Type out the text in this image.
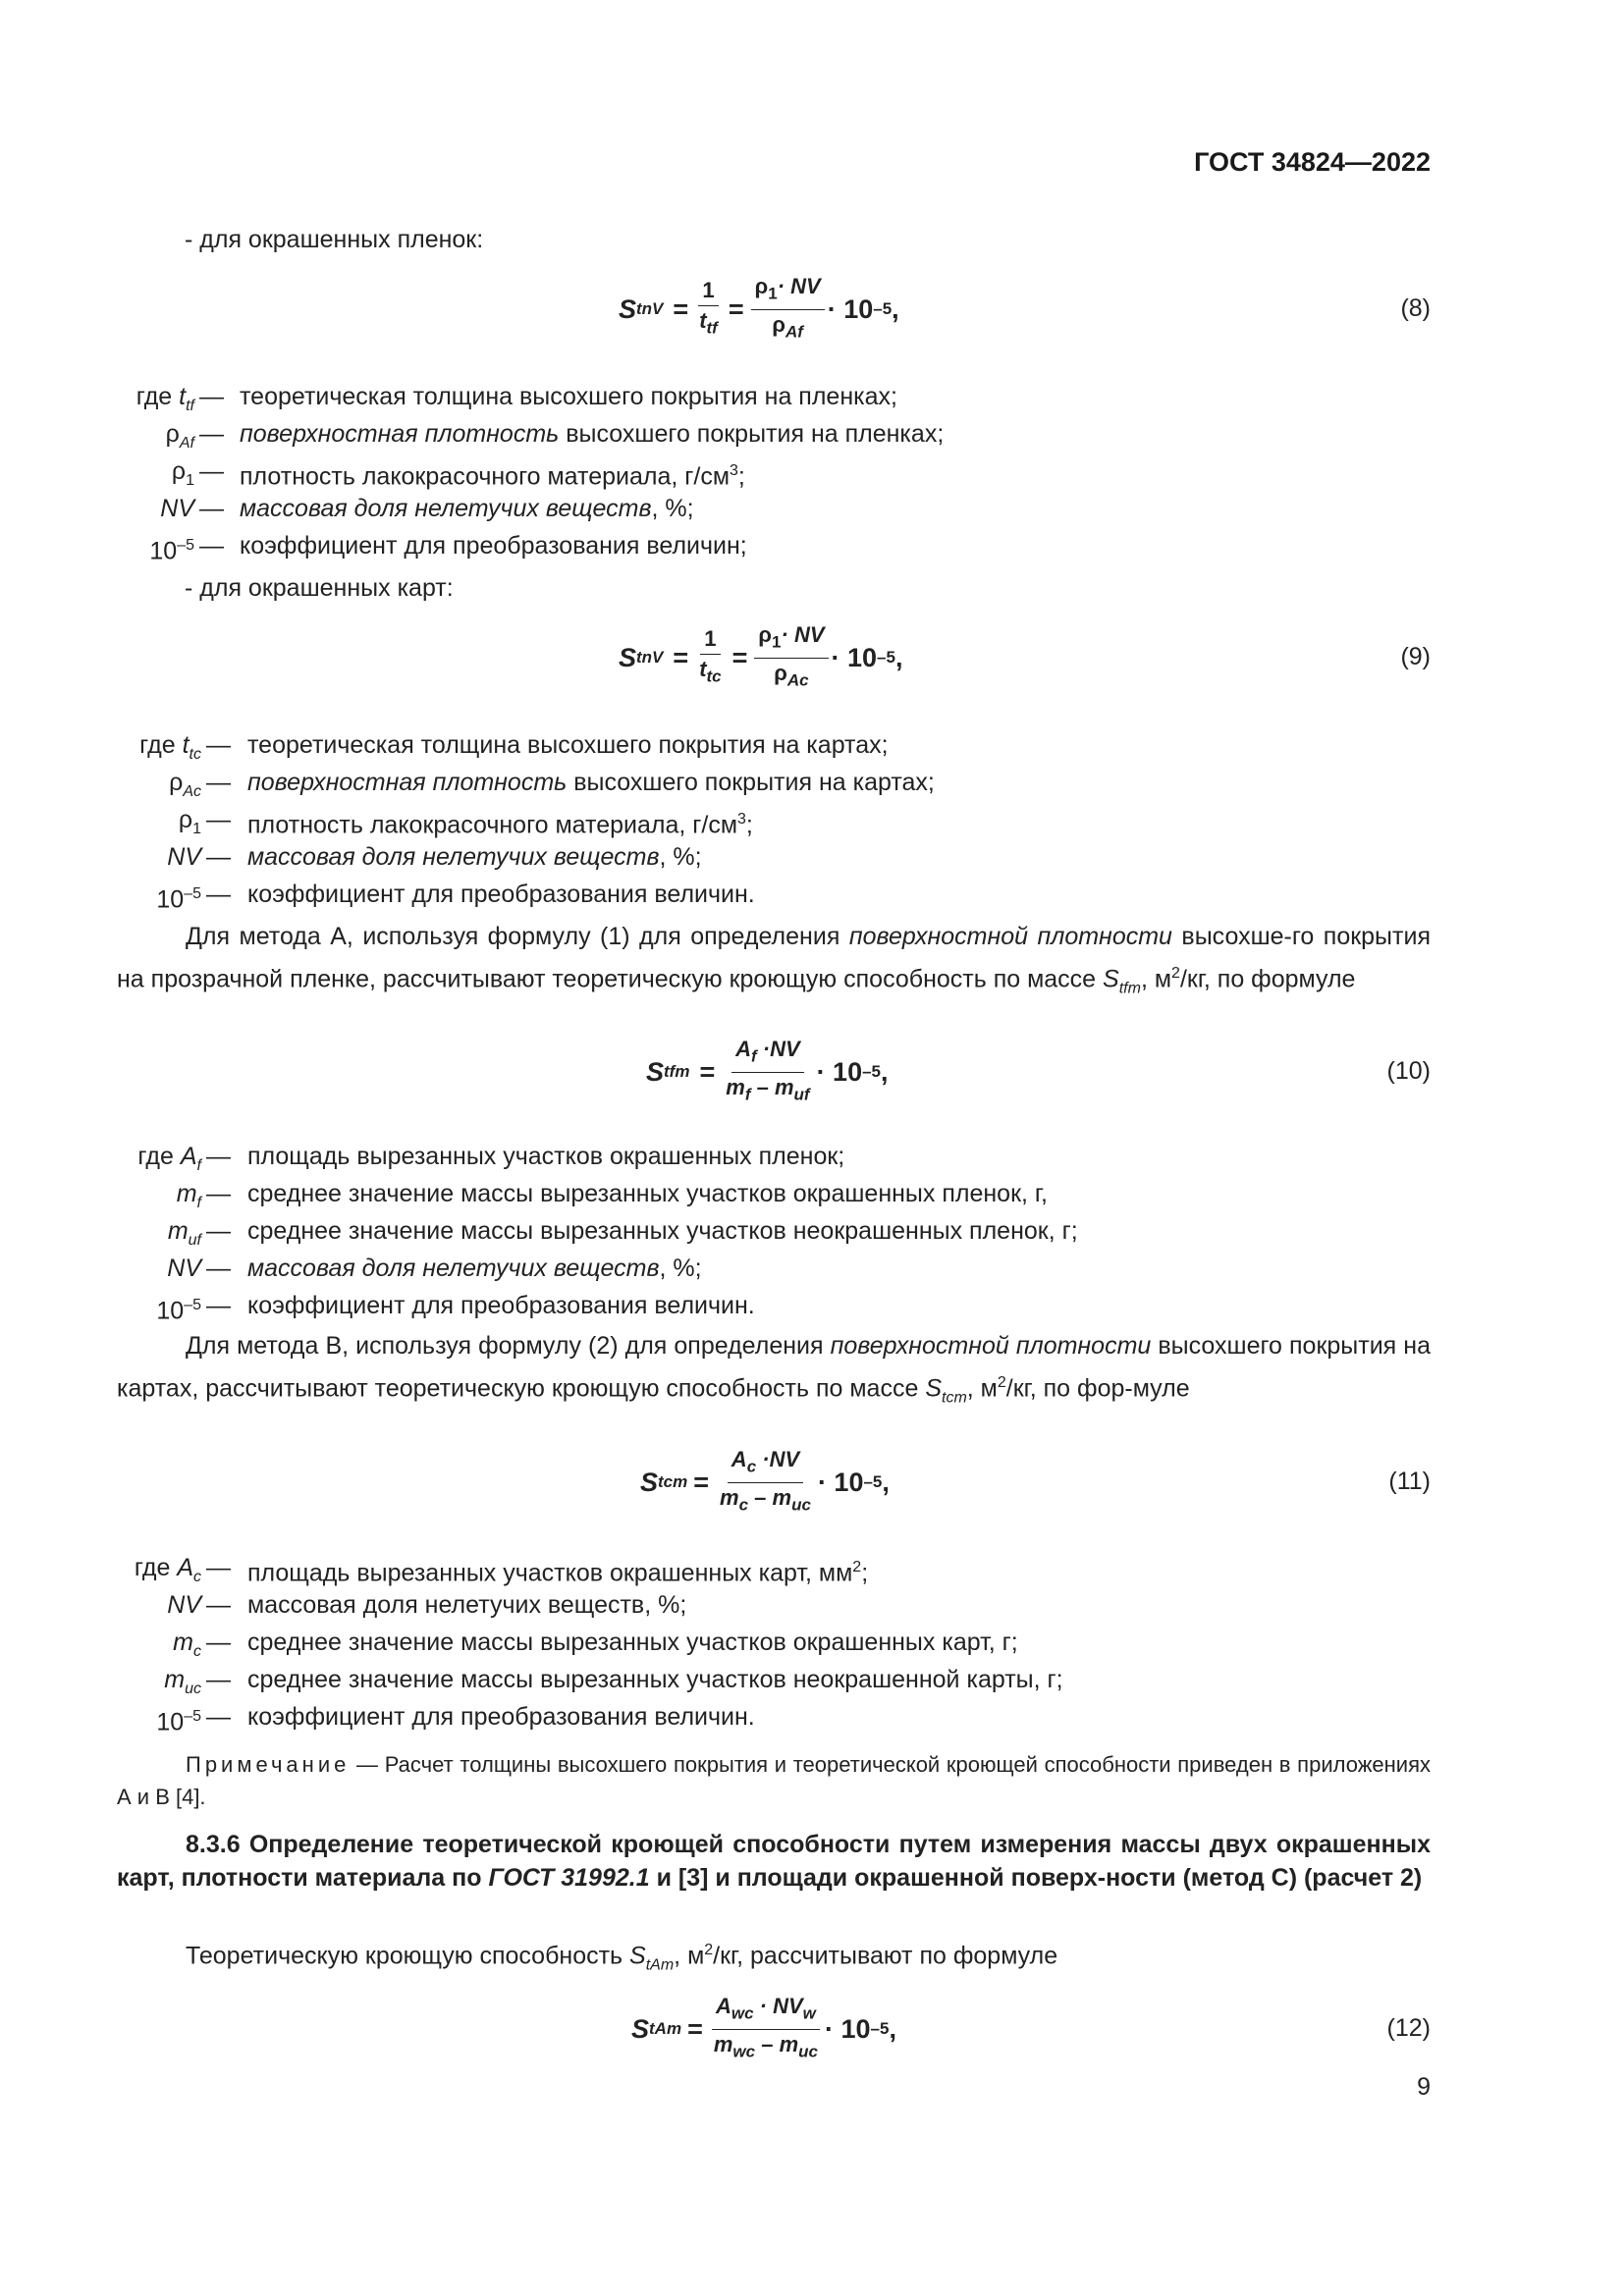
ГОСТ 34824—2022
- для окрашенных пленок:
S tnV = $\frac{1}{t_{tf}} = \frac{\rho_1\cdot NV}{\rho_{Af}} \cdot 10$ –5 ,	(8)
где $t_{tf}$ — теоретическая толщина высохшего покрытия на пленках;
$\rho_{Af}$ — поверхностная плотность высохшего покрытия на пленках;
$\rho_1$ — плотность лакокрасочного материала, $г/см^3$;
NV — массовая доля нелетучих веществ, %;
$10^{-5}$ — коэффициент для преобразования величин;
- для окрашенных карт:
S tnV = $\frac{1}{t_{tc}} = \frac{\rho_1\cdot NV}{\rho_{Ac}} \cdot 10$ –5 ,	(9)
где $t_{tc}$ — теоретическая толщина высохшего покрытия на картах;
$\rho_{Ac}$ — поверхностная плотность высохшего покрытия на картах;
$\rho_1$ — плотность лакокрасочного материала, $г/см^3$;
NV — массовая доля нелетучих веществ, %;
$10^{-5}$ — коэффициент для преобразования величин.
Для метода А, используя формулу (1) для определения поверхностной плотности высохше-го покрытия на прозрачной пленке, рассчитывают теоретическую кроющую способность по массе $S_{tfm}$, $м^2/кг$, по формуле
S tfm = $\frac{A_f \cdot NV}{m_f - m_{uf}} \cdot 10$ –5 ,	(10)
где $A_f$ — площадь вырезанных участков окрашенных пленок;
$m_f$ — среднее значение массы вырезанных участков окрашенных пленок, г,
$m_{uf}$ — среднее значение массы вырезанных участков неокрашенных пленок, г;
NV — массовая доля нелетучих веществ, %;
$10^{-5}$ — коэффициент для преобразования величин.
Для метода В, используя формулу (2) для определения поверхностной плотности высохшего покрытия на картах, рассчитывают теоретическую кроющую способность по массе $S_{tcm}$, $м^2/кг$, по фор-муле
S tcm = $\frac{A_c \cdot NV}{m_c - m_{uc}} \cdot 10$ –5 ,	(11)
где $A_c$ — площадь вырезанных участков окрашенных карт, $мм^2$;
NV — массовая доля нелетучих веществ, %;
$m_c$ — среднее значение массы вырезанных участков окрашенных карт, г;
$m_{uc}$ — среднее значение массы вырезанных участков неокрашенной карты, г;
$10^{-5}$ — коэффициент для преобразования величин.
Примечание — Расчет толщины высохшего покрытия и теоретической кроющей способности приведен в приложениях А и В [4].
8.3.6 Определение теоретической кроющей способности путем измерения массы двух окрашенных карт, плотности материала по ГОСТ 31992.1 и [3] и площади окрашенной поверх-ности (метод С) (расчет 2)
Теоретическую кроющую способность $S_{tAm}$, $м^2/кг$, рассчитывают по формуле
S tAm = $\frac{A_{wc} \cdot NV_w}{m_{wc} - m_{uc}} \cdot 10$ –5 ,	(12)
9
